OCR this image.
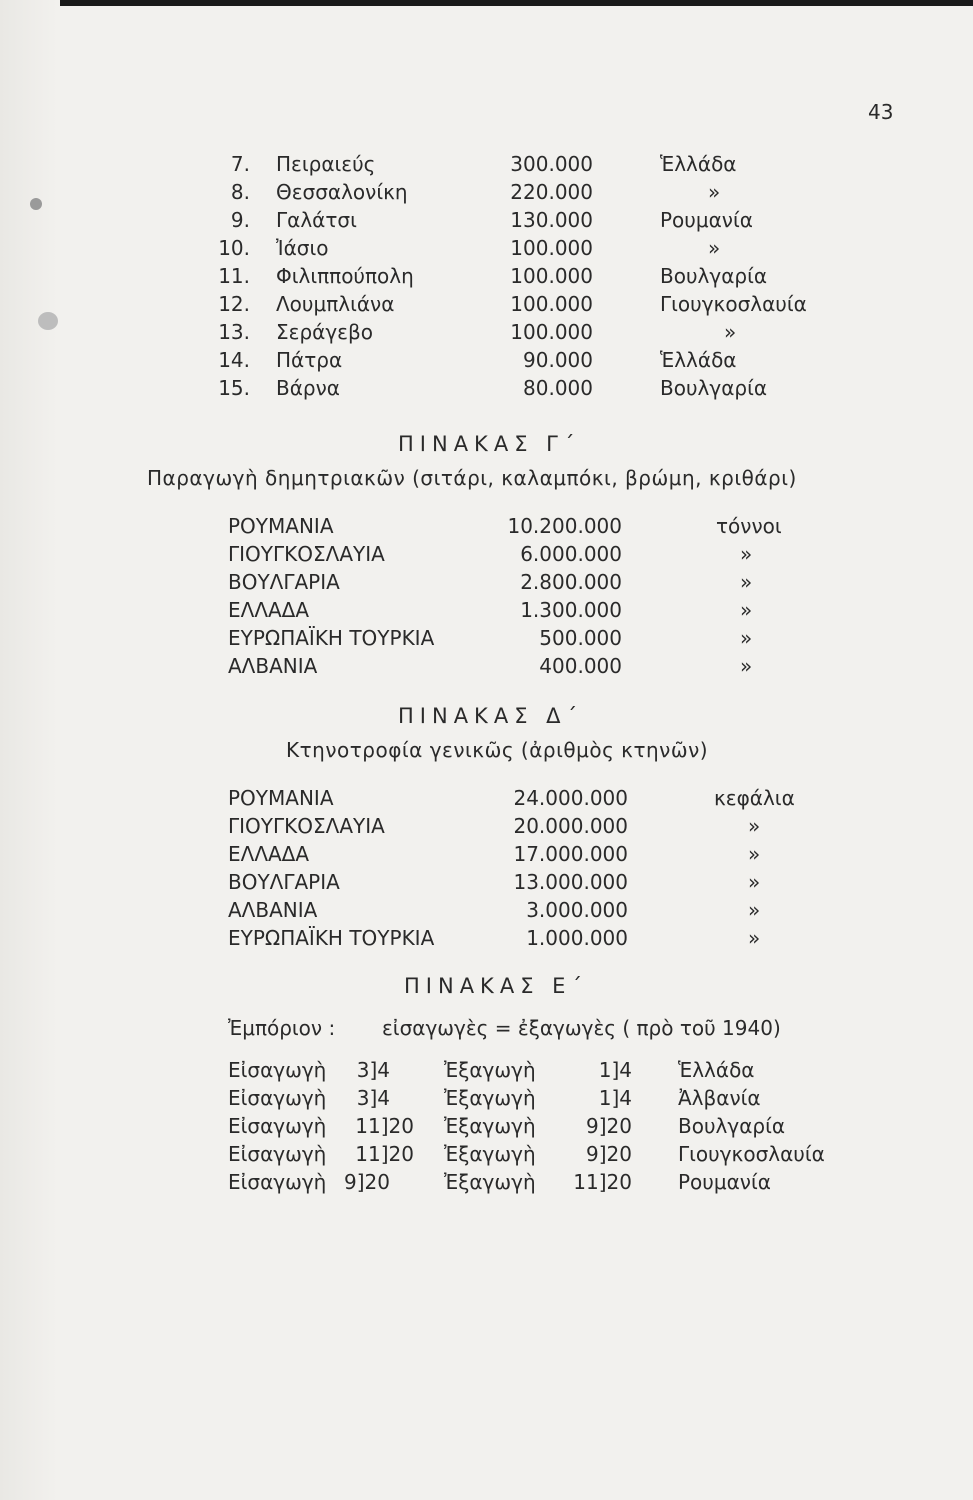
43
7. Πειραιεύς	300.000	Ἑλλάδα
8. Θεσσαλονίκη	220.000	»
9. Γαλάτσι	130.000	Ρουμανία
10. Ἰάσιο	100.000	»
11. Φιλιππούπολη	100.000	Βουλγαρία
12. Λουμπλιάνα	100.000	Γιουγκοσλαυία
13. Σεράγεβο	100.000	»
14. Πάτρα	90.000	Ἑλλάδα
15. Βάρνα	80.000	Βουλγαρία
ΠΙΝΑΚΑΣ Γ΄
Παραγωγὴ δημητριακῶν (σιτάρι, καλαμπόκι, βρώμη, κριθάρι)
ΡΟΥΜΑΝΙΑ	10.200.000	τόννοι
ΓΙΟΥΓΚΟΣΛΑΥΙΑ	6.000.000	»
ΒΟΥΛΓΑΡΙΑ	2.800.000	»
ΕΛΛΑΔΑ	1.300.000	»
ΕΥΡΩΠΑΪΚΗ ΤΟΥΡΚΙΑ	500.000	»
ΑΛΒΑΝΙΑ	400.000	»
ΠΙΝΑΚΑΣ Δ΄
Κτηνοτροφία γενικῶς (ἀριθμὸς κτηνῶν)
ΡΟΥΜΑΝΙΑ	24.000.000	κεφάλια
ΓΙΟΥΓΚΟΣΛΑΥΙΑ	20.000.000	»
ΕΛΛΑΔΑ	17.000.000	»
ΒΟΥΛΓΑΡΙΑ	13.000.000	»
ΑΛΒΑΝΙΑ	3.000.000	»
ΕΥΡΩΠΑΪΚΗ ΤΟΥΡΚΙΑ	1.000.000	»
ΠΙΝΑΚΑΣ Ε΄
Ἐμπόριον : εἰσαγωγὲς = ἐξαγωγὲς ( πρὸ τοῦ 1940)
Εἰσαγωγὴ	3]4	Ἐξαγωγὴ	1]4 Ἑλλάδα
Εἰσαγωγὴ	3]4	Ἐξαγωγὴ	1]4 Ἀλβανία
Εἰσαγωγὴ	11]20 Ἐξαγωγὴ	9]20 Βουλγαρία
Εἰσαγωγὴ	11]20 Ἐξαγωγὴ	9]20 Γιουγκοσλαυία
Εἰσαγωγὴ 9]20	Ἐξαγωγὴ 11]20 Ρουμανία
